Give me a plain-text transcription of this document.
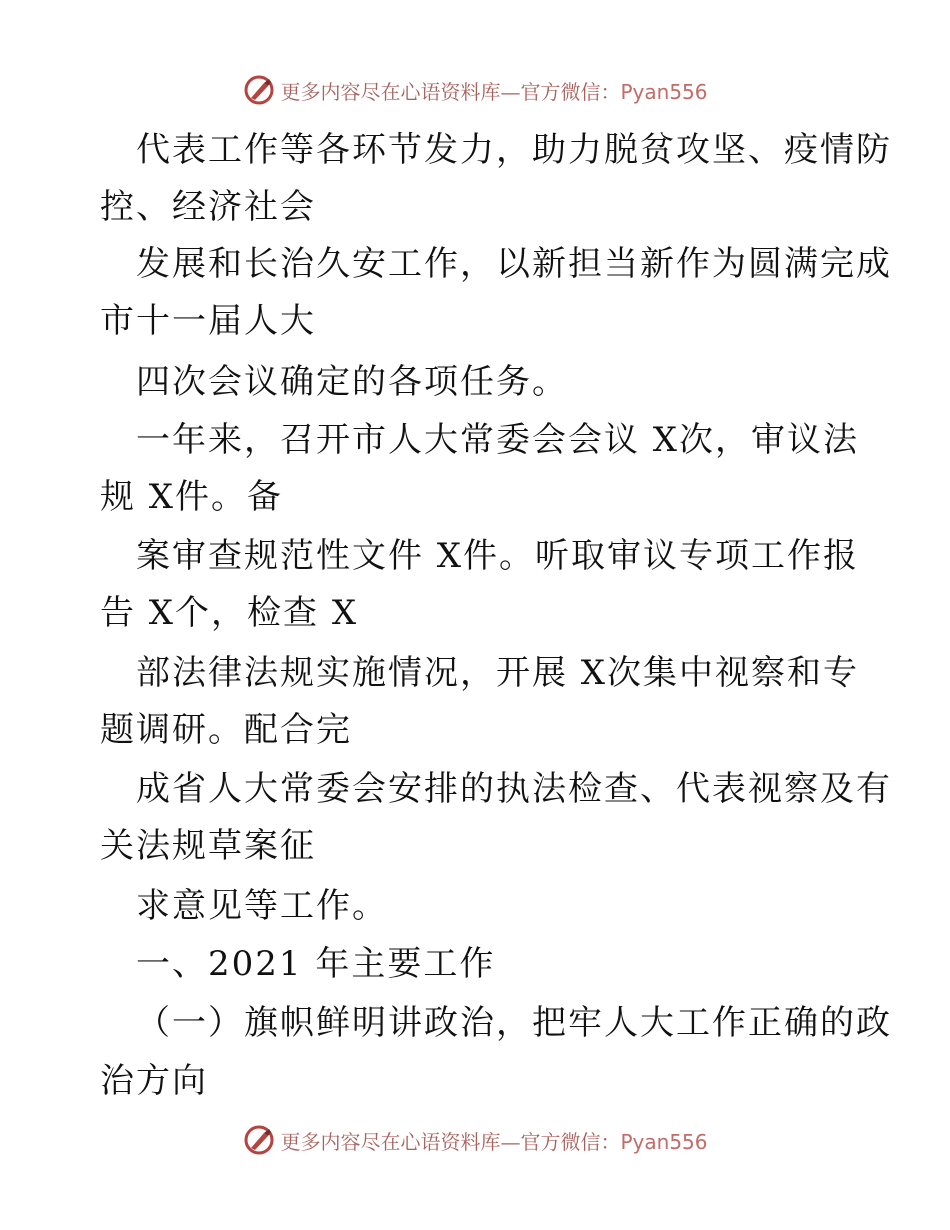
更多内容尽在心语资料库—官方微信：Pyan556
代表工作等各环节发力，助力脱贫攻坚、疫情防
控、经济社会
发展和长治久安工作，以新担当新作为圆满完成
市十一届人大
四次会议确定的各项任务。
一年来，召开市人大常委会会议 X次，审议法
规 X件。备
案审查规范性文件 X件。听取审议专项工作报
告 X个，检查 X
部法律法规实施情况，开展 X次集中视察和专
题调研。配合完
成省人大常委会安排的执法检查、代表视察及有
关法规草案征
求意见等工作。
一、2021 年主要工作
（一）旗帜鲜明讲政治，把牢人大工作正确的政
治方向
更多内容尽在心语资料库—官方微信：Pyan556
